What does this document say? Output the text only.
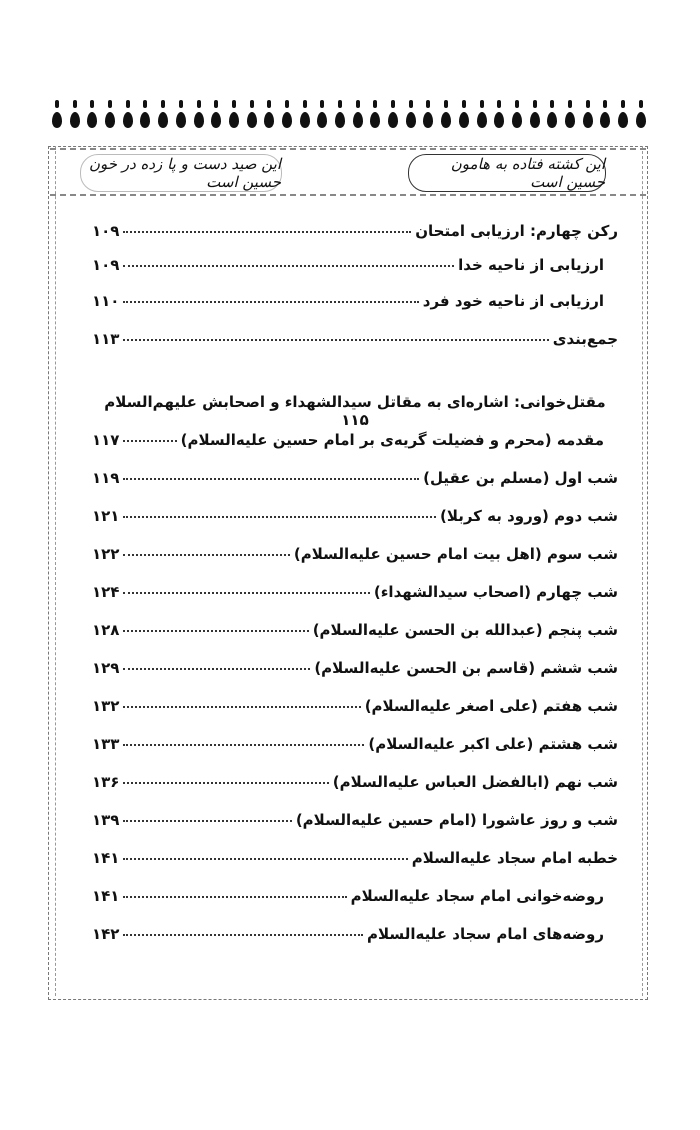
این کشته فتاده به هامون حسین است
این صید دست و پا زده در خون حسین است
رکن چهارم: ارزیابی امتحان
۱۰۹
ارزیابی از ناحیه خدا
۱۰۹
ارزیابی از ناحیه خود فرد
۱۱۰
جمع‌بندی
۱۱۳
مقتل‌خوانی: اشاره‌ای به مقاتل سیدالشهداء و اصحابش علیهم‌السلام ۱۱۵
مقدمه (محرم و فضیلت گریه‌ی بر امام حسین علیه‌السلام)
۱۱۷
شب اول (مسلم بن عقیل)
۱۱۹
شب دوم (ورود به کربلا)
۱۲۱
شب سوم (اهل بیت امام حسین علیه‌السلام)
۱۲۲
شب چهارم (اصحاب سیدالشهداء)
۱۲۴
شب پنجم (عبدالله بن الحسن علیه‌السلام)
۱۲۸
شب ششم (قاسم بن الحسن علیه‌السلام)
۱۲۹
شب هفتم (علی اصغر علیه‌السلام)
۱۳۲
شب هشتم (علی اکبر علیه‌السلام)
۱۳۳
شب نهم (ابالفضل العباس علیه‌السلام)
۱۳۶
شب و روز عاشورا (امام حسین علیه‌السلام)
۱۳۹
خطبه امام سجاد علیه‌السلام
۱۴۱
روضه‌خوانی امام سجاد علیه‌السلام
۱۴۱
روضه‌های امام سجاد علیه‌السلام
۱۴۲
